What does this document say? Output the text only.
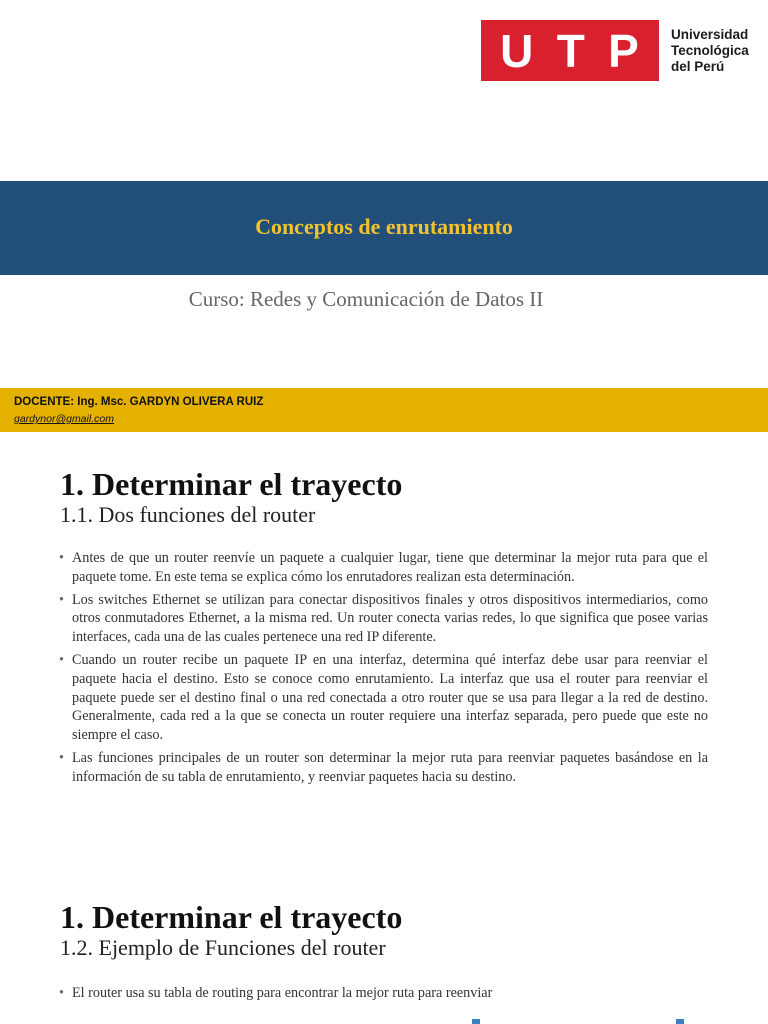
U T P Universidad
Tecnológica
del Perú
Conceptos de enrutamiento
Curso: Redes y Comunicación de Datos II
DOCENTE: Ing. Msc. GARDYN OLIVERA RUIZ
gardynor@gmail.com
1. Determinar el trayecto
1.1. Dos funciones del router
• Antes de que un router reenvíe un paquete a cualquier lugar, tiene que determinar la mejor ruta para que el paquete tome. En este tema se explica cómo los enrutadores realizan esta determinación.
• Los switches Ethernet se utilizan para conectar dispositivos finales y otros dispositivos intermediarios, como otros conmutadores Ethernet, a la misma red. Un router conecta varias redes, lo que significa que posee varias interfaces, cada una de las cuales pertenece una red IP diferente.
• Cuando un router recibe un paquete IP en una interfaz, determina qué interfaz debe usar para reenviar el paquete hacia el destino. Esto se conoce como enrutamiento. La interfaz que usa el router para reenviar el paquete puede ser el destino final o una red conectada a otro router que se usa para llegar a la red de destino. Generalmente, cada red a la que se conecta un router requiere una interfaz separada, pero puede que este no siempre el caso.
• Las funciones principales de un router son determinar la mejor ruta para reenviar paquetes basándose en la información de su tabla de enrutamiento, y reenviar paquetes hacia su destino.
1. Determinar el trayecto
1.2. Ejemplo de Funciones del router
• El router usa su tabla de routing para encontrar la mejor ruta para reenviar
